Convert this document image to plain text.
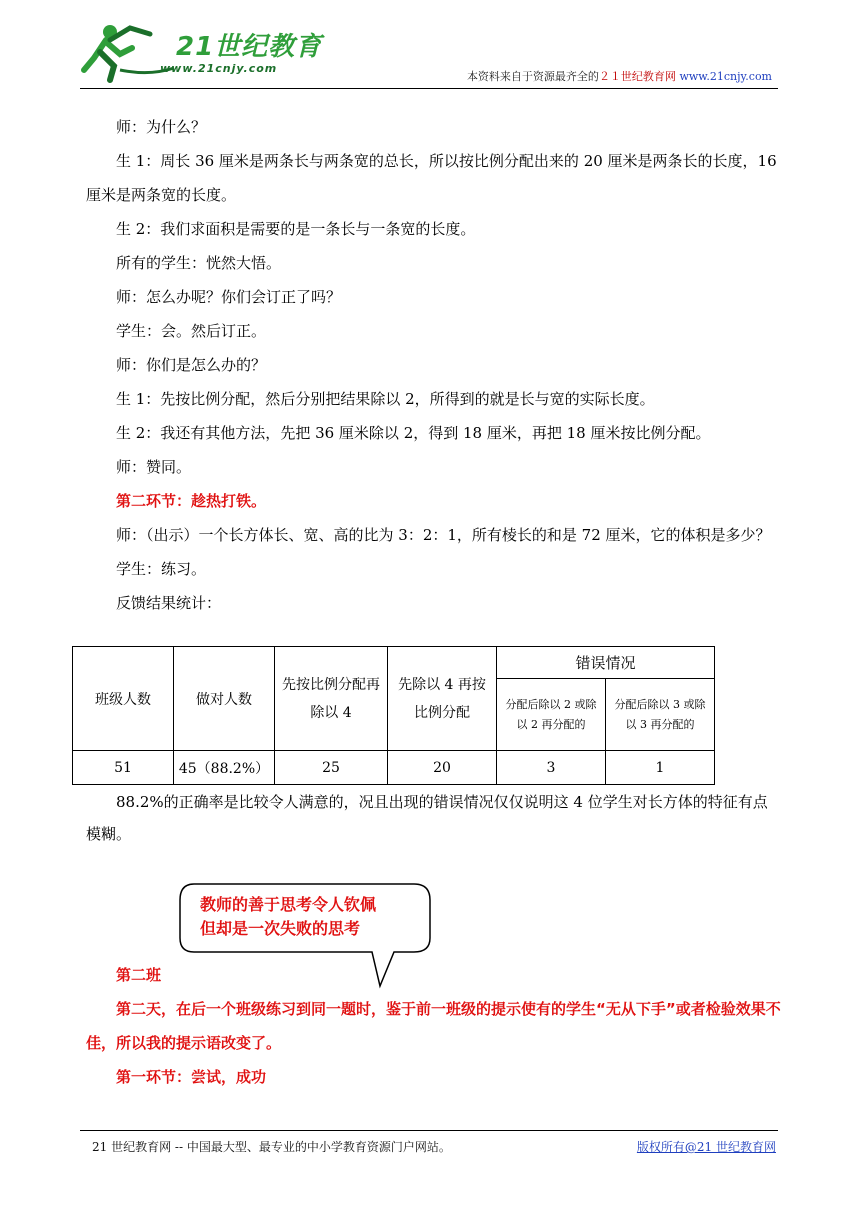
21世纪教育
www.21cnjy.com
本资料来自于资源最齐全的２１世纪教育网 www.21cnjy.com

师：为什么？

生 1：周长 36 厘米是两条长与两条宽的总长，所以按比例分配出来的 20 厘米是两条长的长度，16 厘米是两条宽的长度。

生 2：我们求面积是需要的是一条长与一条宽的长度。

所有的学生：恍然大悟。

师：怎么办呢？你们会订正了吗？

学生：会。然后订正。

师：你们是怎么办的？

生 1：先按比例分配，然后分别把结果除以 2，所得到的就是长与宽的实际长度。

生 2：我还有其他方法，先把 36 厘米除以 2，得到 18 厘米，再把 18 厘米按比例分配。

师：赞同。

第二环节：趁热打铁。

师：（出示）一个长方体长、宽、高的比为 3：2：1，所有棱长的和是 72 厘米，它的体积是多少？

学生：练习。

反馈结果统计：

班级人数	做对人数	先按比例分配再除以 4	先除以 4 再按比例分配	错误情况	
				分配后除以 2 或除以 2 再分配的	分配后除以 3 或除以 3 再分配的
51	45（88.2%）	25	20	3	1

88.2%的正确率是比较令人满意的，况且出现的错误情况仅仅说明这 4 位学生对长方体的特征有点模糊。

教师的善于思考令人钦佩
但却是一次失败的思考

第二班

第二天，在后一个班级练习到同一题时，鉴于前一班级的提示使有的学生“无从下手”或者检验效果不佳，所以我的提示语改变了。

第一环节：尝试，成功

21 世纪教育网 -- 中国最大型、最专业的中小学教育资源门户网站。	版权所有@21 世纪教育网
